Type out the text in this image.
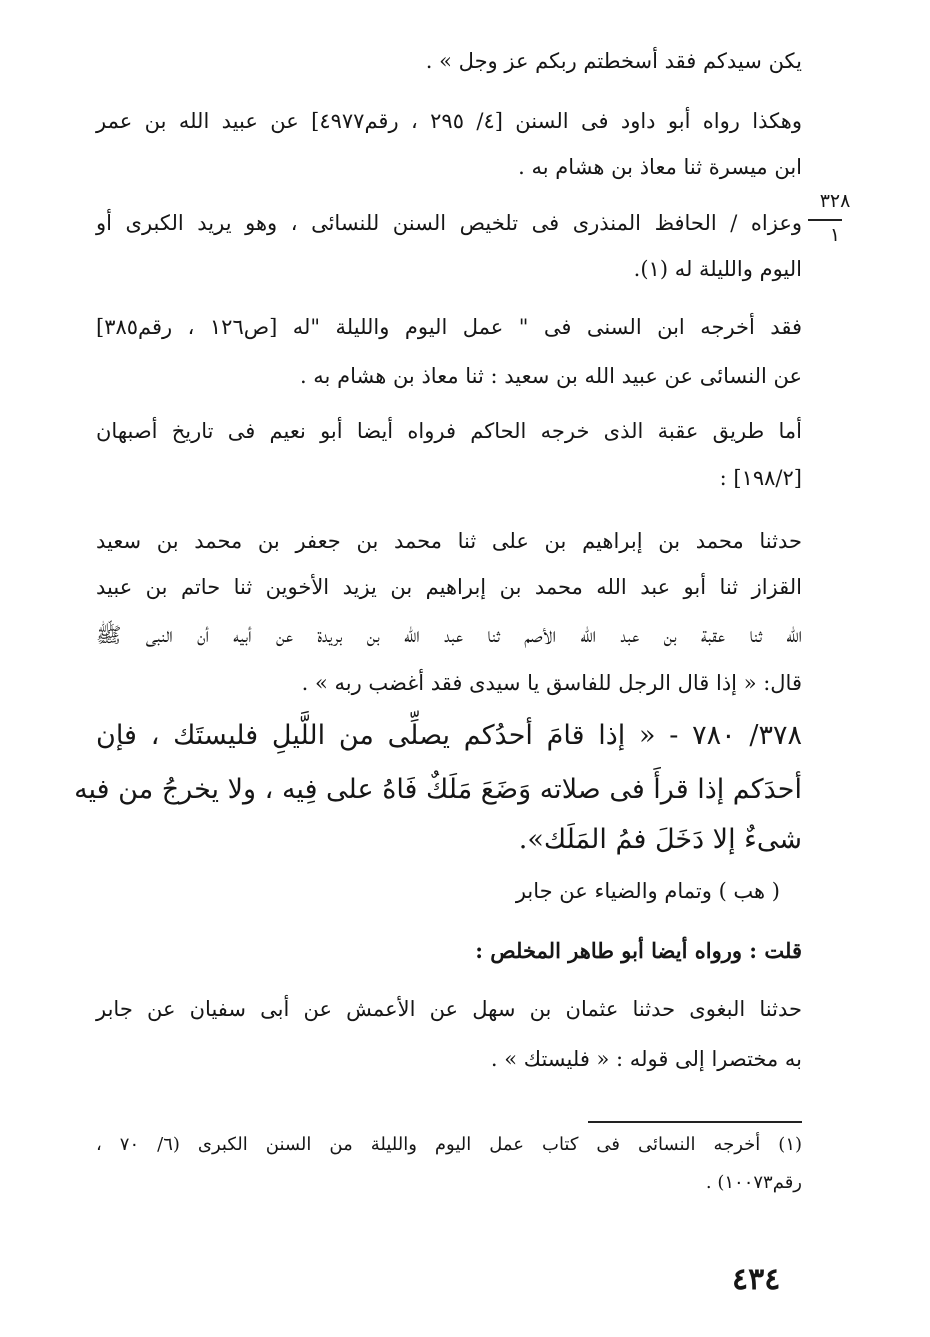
يكن سيدكم فقد أسخطتم ربكم عز وجل » .
وهكذا رواه أبو داود فى السنن [٤/ ٢٩٥ ، رقم٤٩٧٧] عن عبيد الله بن عمر
ابن ميسرة ثنا معاذ بن هشام به .
٣٢٨
١
وعزاه / الحافظ المنذرى فى تلخيص السنن للنسائى ، وهو يريد الكبرى أو
اليوم والليلة له (١).
فقد أخرجه ابن السنى فى " عمل اليوم والليلة "له [ص١٢٦ ، رقم٣٨٥]
عن النسائى عن عبيد الله بن سعيد : ثنا معاذ بن هشام به .
أما طريق عقبة الذى خرجه الحاكم فرواه أيضا أبو نعيم فى تاريخ أصبهان
[١٩٨/٢] :
حدثنا محمد بن إبراهيم بن على ثنا محمد بن جعفر بن محمد بن سعيد
القزاز ثنا أبو عبد الله محمد بن إبراهيم بن يزيد الأخوين ثنا حاتم بن عبيد
الله ثنا عقبة بن عبد الله الأصم ثنا عبد الله بن بريدة عن أبيه أن النبى ﷺ
قال: « إذا قال الرجل للفاسق يا سيدى فقد أغضب ربه » .
٣٧٨/ ٧٨٠ - « إذا قامَ أحدُكم يصلِّى من اللَّيلِ فليستَك ، فإن
أحدَكم إذا قرأَ فى صلاته وَضَعَ مَلَكٌ فَاهُ على فِيه ، ولا يخرجُ من فيه
شىءٌ إلا دَخَلَ فمُ المَلَك».
( هب ) وتمام والضياء عن جابر
قلت : ورواه أيضا أبو طاهر المخلص :
حدثنا البغوى حدثنا عثمان بن سهل عن الأعمش عن أبى سفيان عن جابر
به مختصرا إلى قوله : « فليستك » .
(١) أخرجه النسائى فى كتاب عمل اليوم والليلة من السنن الكبرى (٦/ ٧٠ ،
رقم١٠٠٧٣) .
٤٣٤
